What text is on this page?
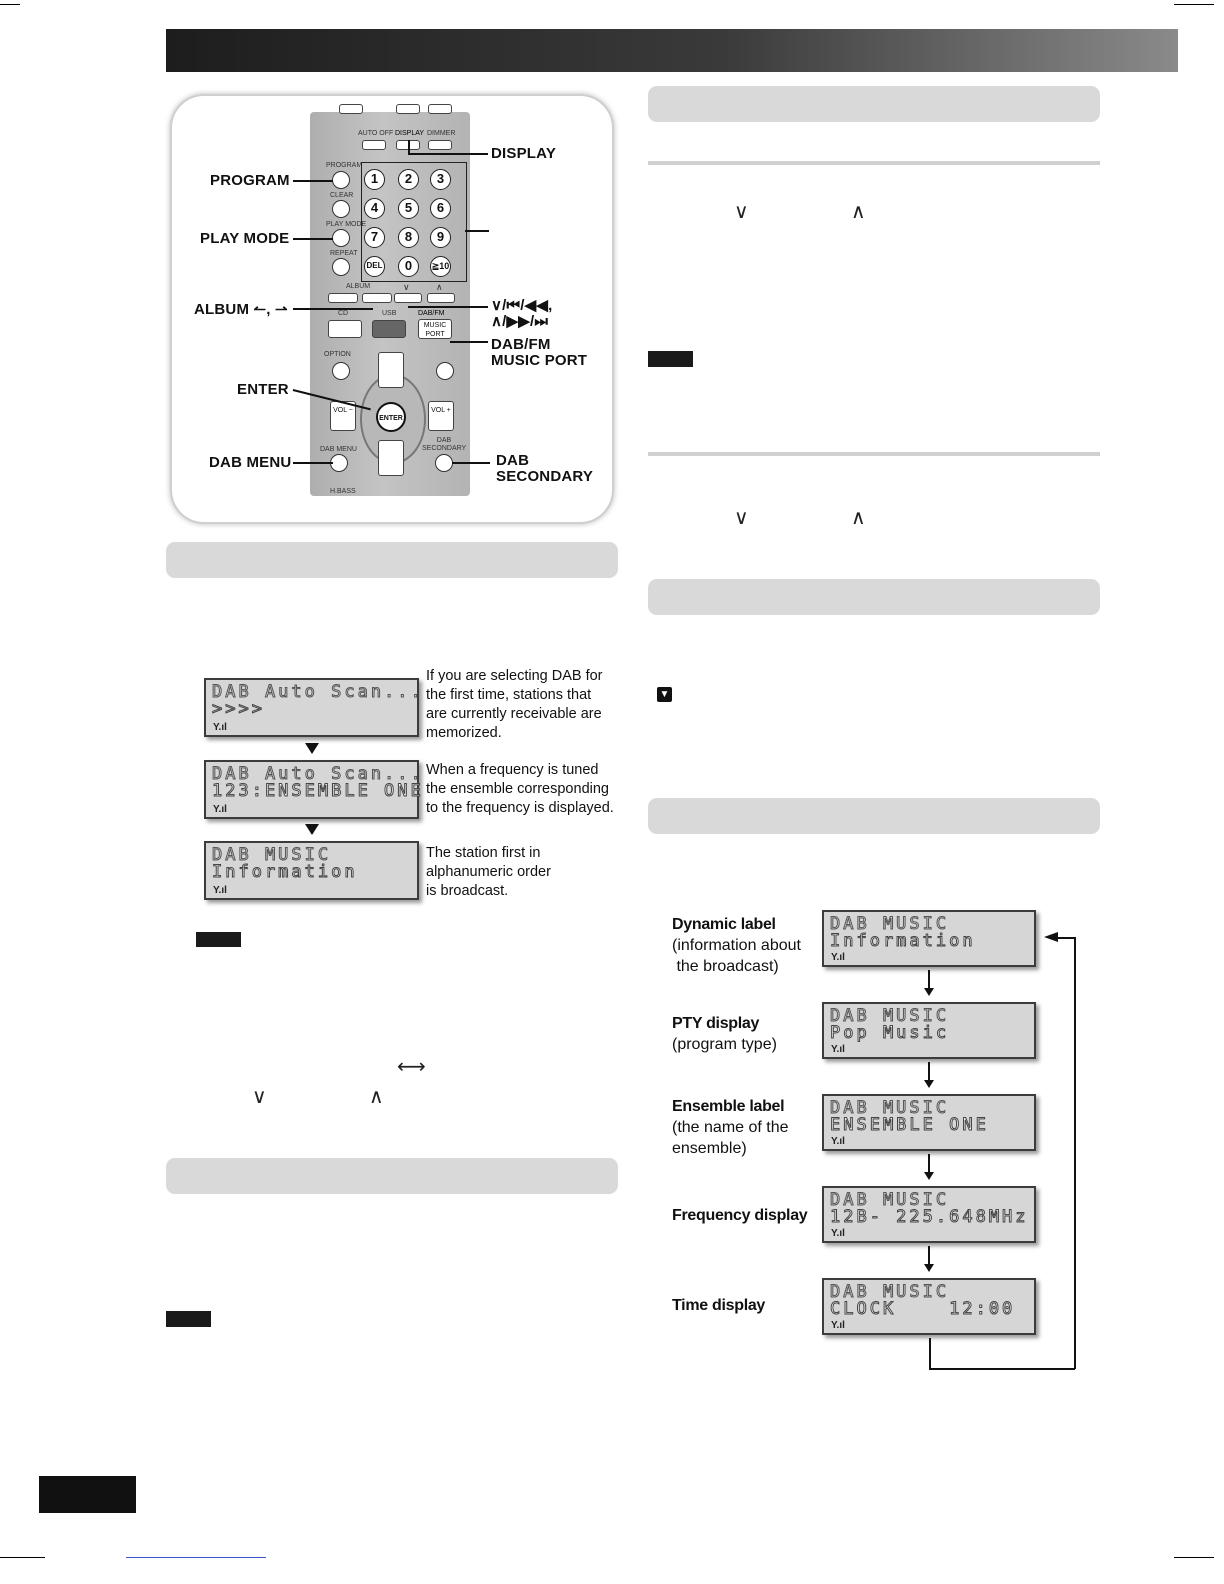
AUTO OFF DISPLAY DIMMER
PROGRAM
CLEAR
PLAY MODE
REPEAT
1	2	3
4	5	6
7	8	9
DEL	0	≧10
ALBUM	∨	∧
CD	USB	DAB/FM
MUSIC PORT
OPTION
VOL −	VOL +
ENTER
DAB MENU
DAB SECONDARY
H.BASS
DISPLAY
PROGRAM
PLAY MODE
ALBUM ↼, ⇀	∨/⏮/◀◀,
∧/▶▶/⏭
DAB/FM
MUSIC PORT
ENTER
DAB MENU	DAB
SECONDARY
DAB Auto Scan...
>>>>
Y.ıl
If you are selecting DAB for
the first time, stations that
are currently receivable are
memorized.
DAB Auto Scan...
123:ENSEMBLE ONE
Y.ıl
When a frequency is tuned
the ensemble corresponding
to the frequency is displayed.
DAB MUSIC
Information
Y.ıl
The station first in
alphanumeric order
is broadcast.
⟷
∨	∧
∨	∧
∨	∧
▼
Dynamic label
(information about
the broadcast)
DAB MUSIC
Information
Y.ıl
PTY display
(program type)
DAB MUSIC
Pop Music
Y.ıl
Ensemble label
(the name of the
ensemble)
DAB MUSIC
ENSEMBLE ONE
Y.ıl
Frequency display
DAB MUSIC
12B- 225.648MHz
Y.ıl
Time display
DAB MUSIC
CLOCK    12:00
Y.ıl
